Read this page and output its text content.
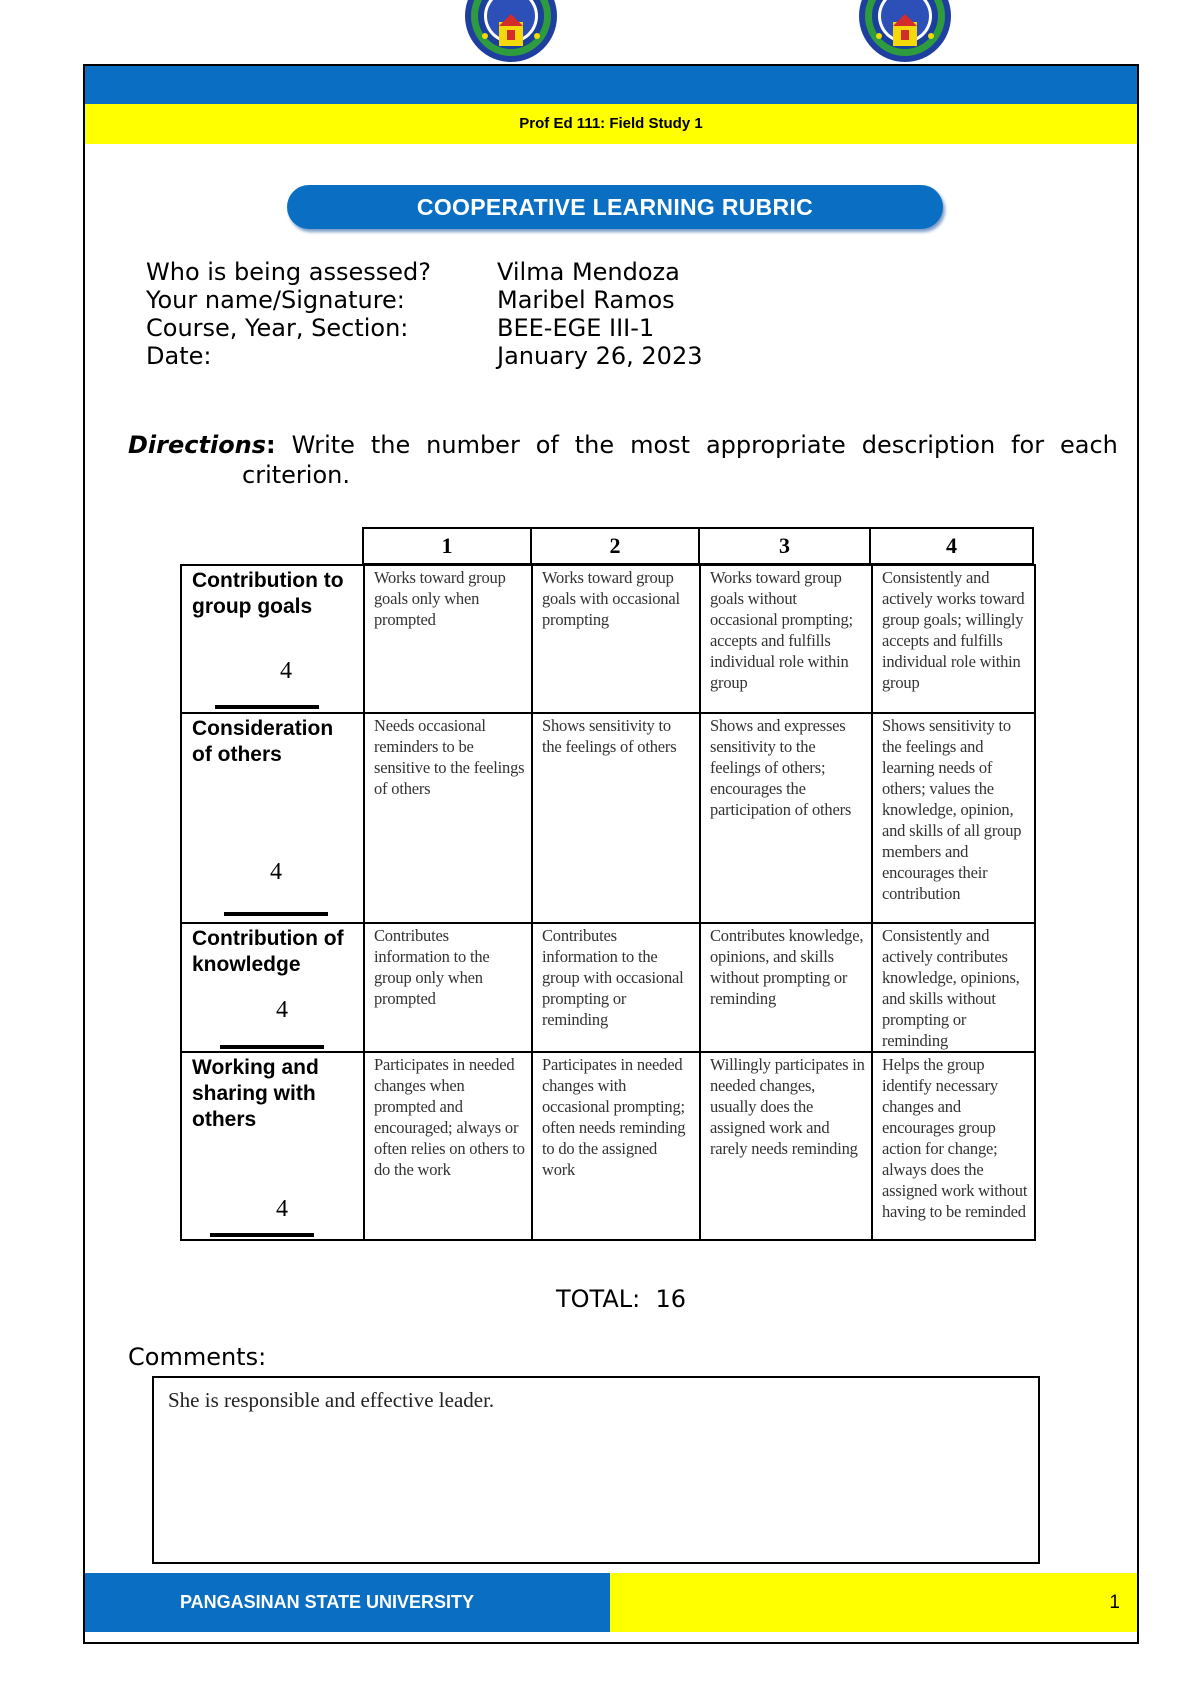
Prof Ed 111: Field Study 1
COOPERATIVE LEARNING RUBRIC
Who is being assessed?	Vilma Mendoza
Your name/Signature:	Maribel Ramos
Course, Year, Section:	BEE-EGE III-1
Date:	January 26, 2023
Directions: Write the number of the most appropriate description for each
criterion.
1	2	3	4
Contribution to group goals
4	Works toward group goals only when prompted	Works toward group goals with occasional prompting	Works toward group goals without occasional prompting; accepts and fulfills individual role within group	Consistently and actively works toward group goals; willingly accepts and fulfills individual role within group

Consideration of others
4	Needs occasional reminders to be sensitive to the feelings of others	Shows sensitivity to the feelings of others	Shows and expresses sensitivity to the feelings of others; encourages the participation of others	Shows sensitivity to the feelings and learning needs of others; values the knowledge, opinion, and skills of all group members and encourages their contribution

Contribution of knowledge
4	Contributes information to the group only when prompted	Contributes information to the group with occasional prompting or reminding	Contributes knowledge, opinions, and skills without prompting or reminding	Consistently and actively contributes knowledge, opinions, and skills without prompting or reminding

Working and sharing with others
4	Participates in needed changes when prompted and encouraged; always or often relies on others to do the work	Participates in needed changes with occasional prompting; often needs reminding to do the assigned work	Willingly participates in needed changes, usually does the assigned work and rarely needs reminding	Helps the group identify necessary changes and encourages group action for change; always does the assigned work without having to be reminded
TOTAL: 16
Comments:
She is responsible and effective leader.
PANGASINAN STATE UNIVERSITY	1
